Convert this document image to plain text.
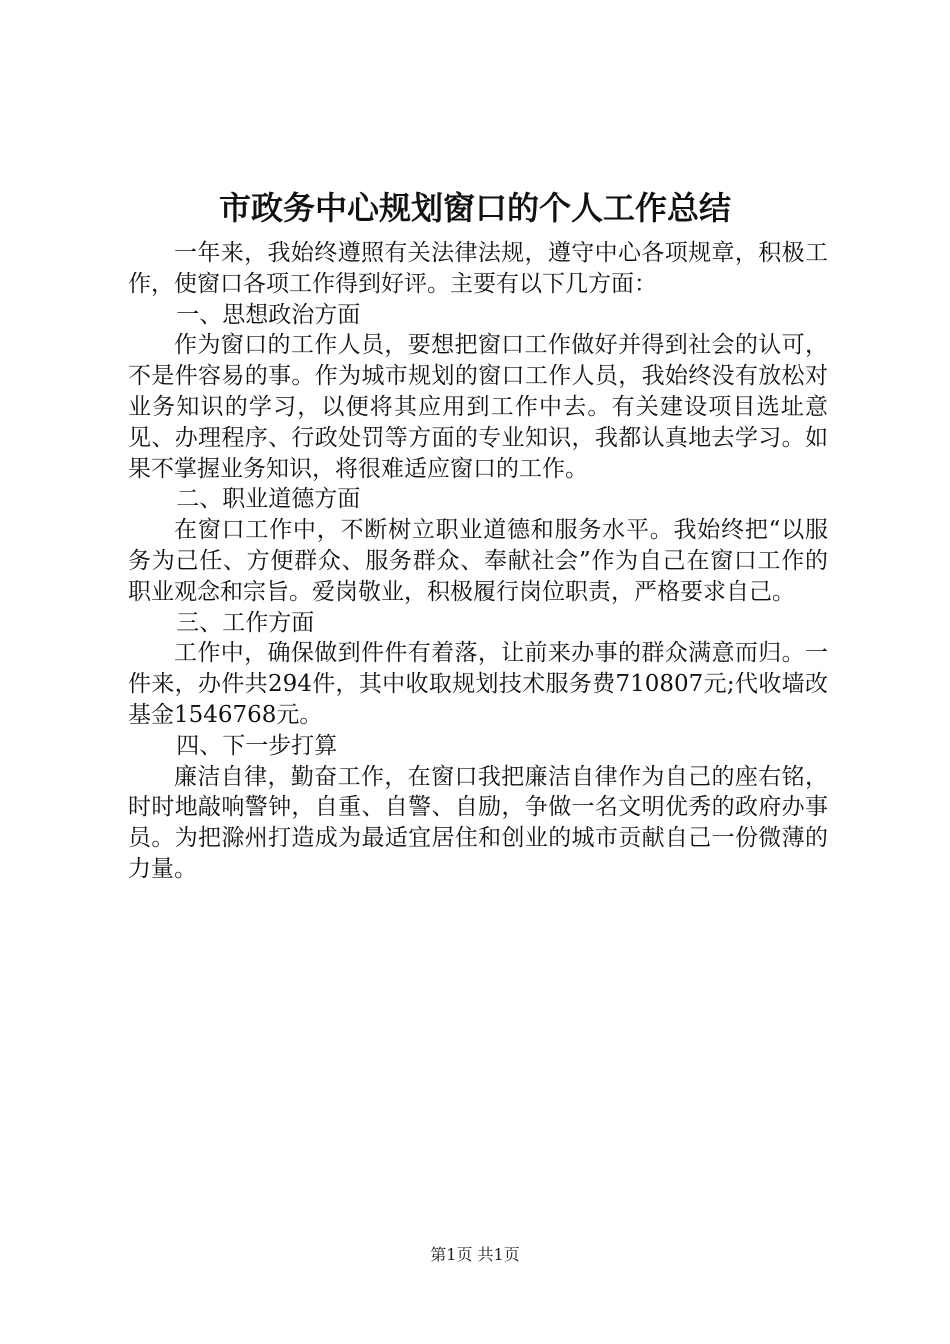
市政务中心规划窗口的个人工作总结

一年来，我始终遵照有关法律法规，遵守中心各项规章，积极工作，使窗口各项工作得到好评。主要有以下几方面：

一、思想政治方面

作为窗口的工作人员，要想把窗口工作做好并得到社会的认可，不是件容易的事。作为城市规划的窗口工作人员，我始终没有放松对业务知识的学习，以便将其应用到工作中去。有关建设项目选址意见、办理程序、行政处罚等方面的专业知识，我都认真地去学习。如果不掌握业务知识，将很难适应窗口的工作。

二、职业道德方面

在窗口工作中，不断树立职业道德和服务水平。我始终把“以服务为己任、方便群众、服务群众、奉献社会”作为自己在窗口工作的职业观念和宗旨。爱岗敬业，积极履行岗位职责，严格要求自己。

三、工作方面

工作中，确保做到件件有着落，让前来办事的群众满意而归。一件来，办件共294件，其中收取规划技术服务费710807元;代收墙改基金1546768元。

四、下一步打算

廉洁自律，勤奋工作，在窗口我把廉洁自律作为自己的座右铭，时时地敲响警钟，自重、自警、自励，争做一名文明优秀的政府办事员。为把滁州打造成为最适宜居住和创业的城市贡献自己一份微薄的力量。

第1页 共1页
